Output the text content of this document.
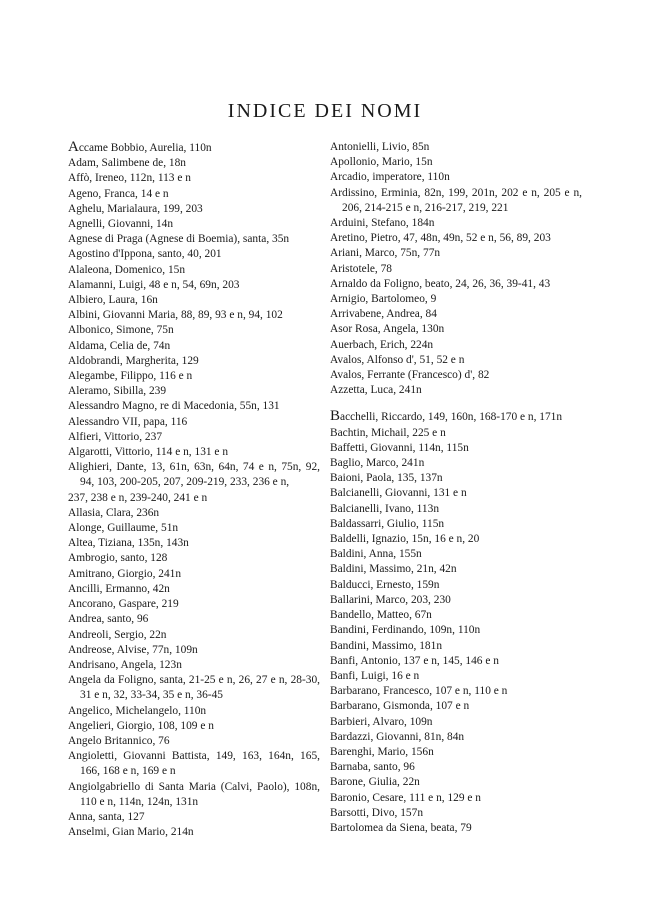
INDICE DEI NOMI

Accame Bobbio, Aurelia, 110n

Adam, Salimbene de, 18n

Affò, Ireneo, 112n, 113 e n

Ageno, Franca, 14 e n

Aghelu, Marialaura, 199, 203

Agnelli, Giovanni, 14n

Agnese di Praga (Agnese di Boemia), santa, 35n

Agostino d'Ippona, santo, 40, 201

Alaleona, Domenico, 15n

Alamanni, Luigi, 48 e n, 54, 69n, 203

Albiero, Laura, 16n

Albini, Giovanni Maria, 88, 89, 93 e n, 94, 102

Albonico, Simone, 75n

Aldama, Celia de, 74n

Aldobrandi, Margherita, 129

Alegambe, Filippo, 116 e n

Aleramo, Sibilla, 239

Alessandro Magno, re di Macedonia, 55n, 131

Alessandro VII, papa, 116

Alfieri, Vittorio, 237

Algarotti, Vittorio, 114 e n, 131 e n

Alighieri, Dante, 13, 61n, 63n, 64n, 74 e n, 75n, 92, 94, 103, 200-205, 207, 209-219, 233, 236 e n,

237, 238 e n, 239-240, 241 e n

Allasia, Clara, 236n

Alonge, Guillaume, 51n

Altea, Tiziana, 135n, 143n

Ambrogio, santo, 128

Amitrano, Giorgio, 241n

Ancilli, Ermanno, 42n

Ancorano, Gaspare, 219

Andrea, santo, 96

Andreoli, Sergio, 22n

Andreose, Alvise, 77n, 109n

Andrisano, Angela, 123n

Angela da Foligno, santa, 21-25 e n, 26, 27 e n, 28-30, 31 e n, 32, 33-34, 35 e n, 36-45

Angelico, Michelangelo, 110n

Angelieri, Giorgio, 108, 109 e n

Angelo Britannico, 76

Angioletti, Giovanni Battista, 149, 163, 164n, 165, 166, 168 e n, 169 e n

Angiolgabriello di Santa Maria (Calvi, Paolo), 108n, 110 e n, 114n, 124n, 131n

Anna, santa, 127

Anselmi, Gian Mario, 214n

Antonielli, Livio, 85n

Apollonio, Mario, 15n

Arcadio, imperatore, 110n

Ardissino, Erminia, 82n, 199, 201n, 202 e n, 205 e n, 206, 214-215 e n, 216-217, 219, 221

Arduini, Stefano, 184n

Aretino, Pietro, 47, 48n, 49n, 52 e n, 56, 89, 203

Ariani, Marco, 75n, 77n

Aristotele, 78

Arnaldo da Foligno, beato, 24, 26, 36, 39-41, 43

Arnigio, Bartolomeo, 9

Arrivabene, Andrea, 84

Asor Rosa, Angela, 130n

Auerbach, Erich, 224n

Avalos, Alfonso d', 51, 52 e n

Avalos, Ferrante (Francesco) d', 82

Azzetta, Luca, 241n

Bacchelli, Riccardo, 149, 160n, 168-170 e n, 171n

Bachtin, Michail, 225 e n

Baffetti, Giovanni, 114n, 115n

Baglio, Marco, 241n

Baioni, Paola, 135, 137n

Balcianelli, Giovanni, 131 e n

Balcianelli, Ivano, 113n

Baldassarri, Giulio, 115n

Baldelli, Ignazio, 15n, 16 e n, 20

Baldini, Anna, 155n

Baldini, Massimo, 21n, 42n

Balducci, Ernesto, 159n

Ballarini, Marco, 203, 230

Bandello, Matteo, 67n

Bandini, Ferdinando, 109n, 110n

Bandini, Massimo, 181n

Banfi, Antonio, 137 e n, 145, 146 e n

Banfi, Luigi, 16 e n

Barbarano, Francesco, 107 e n, 110 e n

Barbarano, Gismonda, 107 e n

Barbieri, Alvaro, 109n

Bardazzi, Giovanni, 81n, 84n

Barenghi, Mario, 156n

Barnaba, santo, 96

Barone, Giulia, 22n

Baronio, Cesare, 111 e n, 129 e n

Barsotti, Divo, 157n

Bartolomea da Siena, beata, 79
